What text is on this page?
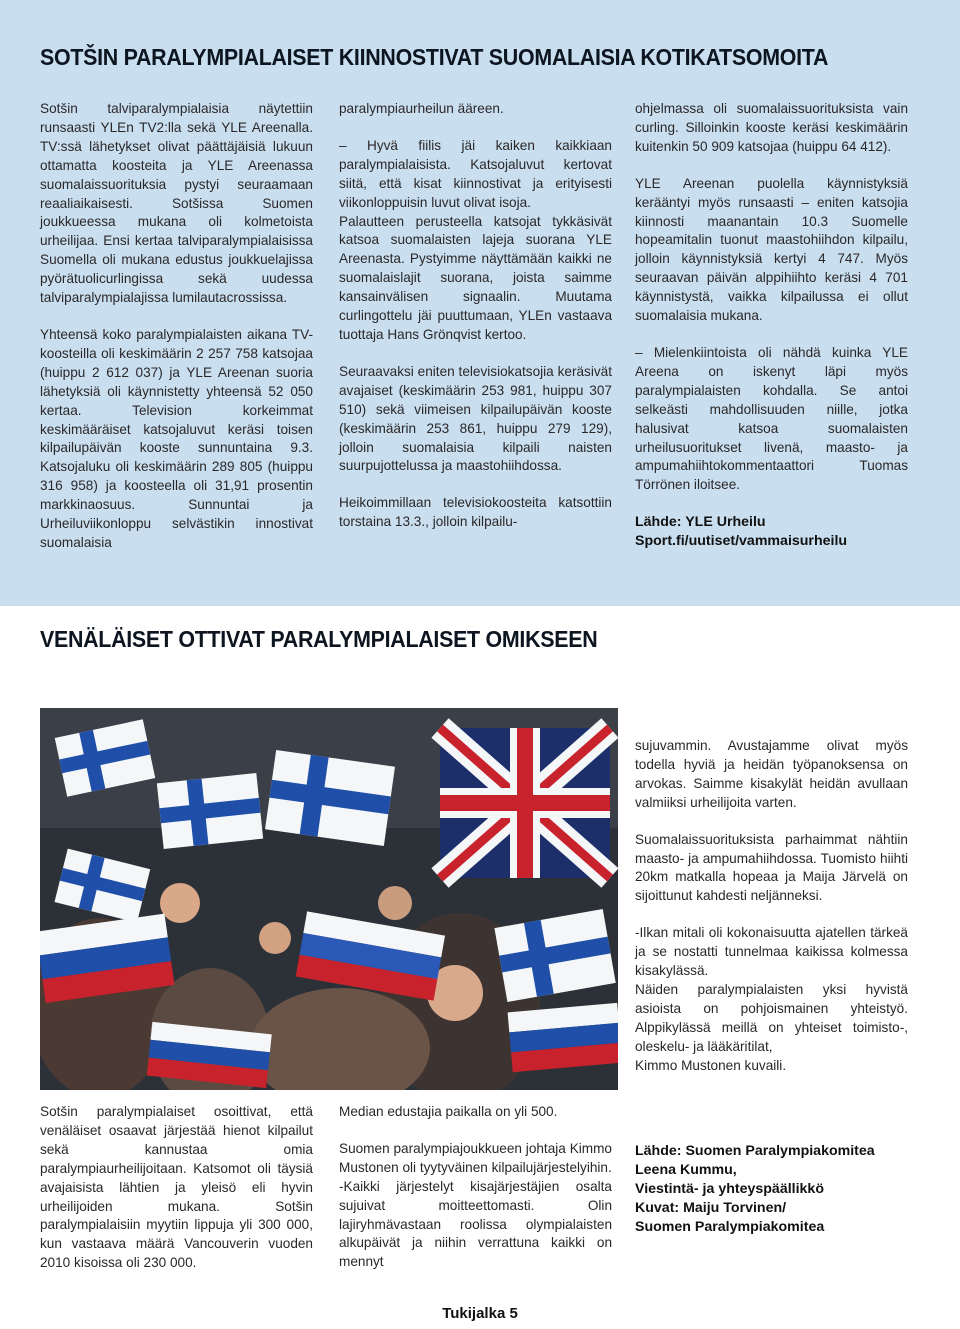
SOTŠIN PARALYMPIALAISET KIINNOSTIVAT SUOMALAISIA KOTIKATSOMOITA

Sotšin talviparalympialaisia näytettiin runsaasti YLEn TV2:lla sekä YLE Areenalla. TV:ssä lähetykset olivat päättäjäisiä lukuun ottamatta koosteita ja YLE Areenassa suomalaissuorituksia pystyi seuraamaan reaaliaikaisesti. Sotšissa Suomen joukkueessa mukana oli kolmetoista urheilijaa. Ensi kertaa talviparalympialaisissa Suomella oli mukana edustus joukkuelajissa pyörätuolicurlingissa sekä uudessa talviparalympialajissa lumilautacrossissa.

Yhteensä koko paralympialaisten aikana TV-koosteilla oli keskimäärin 2 257 758 katsojaa (huippu 2 612 037) ja YLE Areenan suoria lähetyksiä oli käynnistetty yhteensä 52 050 kertaa. Television korkeimmat keskimääräiset katsojaluvut keräsi toisen kilpailupäivän kooste sunnuntaina 9.3. Katsojaluku oli keskimäärin 289 805 (huippu 316 958) ja koosteella oli 31,91 prosentin markkinaosuus. Sunnuntai ja Urheiluviikonloppu selvästikin innostivat suomalaisia

paralympiaurheilun ääreen.

– Hyvä fiilis jäi kaiken kaikkiaan paralympialaisista. Katsojaluvut kertovat siitä, että kisat kiinnostivat ja erityisesti viikonloppuisin luvut olivat isoja.

Palautteen perusteella katsojat tykkäsivät katsoa suomalaisten lajeja suorana YLE Areenasta. Pystyimme näyttämään kaikki ne suomalaislajit suorana, joista saimme kansainvälisen signaalin. Muutama curlingottelu jäi puuttumaan, YLEn vastaava tuottaja Hans Grönqvist kertoo.

Seuraavaksi eniten televisiokatsojia keräsivät avajaiset (keskimäärin 253 981, huippu 307 510) sekä viimeisen kilpailupäivän kooste (keskimäärin 253 861, huippu 279 129), jolloin suomalaisia kilpaili naisten suurpujottelussa ja maastohiihdossa.

Heikoimmillaan televisiokoosteita katsottiin torstaina 13.3., jolloin kilpailu-

ohjelmassa oli suomalaissuorituksista vain curling. Silloinkin kooste keräsi keskimäärin kuitenkin 50 909 katsojaa (huippu 64 412).

YLE Areenan puolella käynnistyksiä kerääntyi myös runsaasti – eniten katsojia kiinnosti maanantain 10.3 Suomelle hopeamitalin tuonut maastohiihdon kilpailu, jolloin käynnistyksiä kertyi 4 747. Myös seuraavan päivän alppihiihto keräsi 4 701 käynnistystä, vaikka kilpailussa ei ollut suomalaisia mukana.

– Mielenkiintoista oli nähdä kuinka YLE Areena on iskenyt läpi myös paralympialaisten kohdalla. Se antoi selkeästi mahdollisuuden niille, jotka halusivat katsoa suomalaisten urheilusuoritukset livenä, maasto- ja ampumahiihtokommentaattori Tuomas Törrönen iloitsee.

Lähde: YLE Urheilu
Sport.fi/uutiset/vammaisurheilu
VENÄLÄISET OTTIVAT PARALYMPIALAISET OMIKSEEN

sujuvammin. Avustajamme olivat myös todella hyviä ja heidän työpanoksensa on arvokas. Saimme kisakylät heidän avullaan valmiiksi urheilijoita varten.

Suomalaissuorituksista parhaimmat nähtiin maasto- ja ampumahiihdossa. Tuomisto hiihti 20km matkalla hopeaa ja Maija Järvelä on sijoittunut kahdesti neljänneksi.

-Ilkan mitali oli kokonaisuutta ajatellen tärkeä ja se nostatti tunnelmaa kaikissa kolmessa kisakylässä.

Näiden paralympialaisten yksi hyvistä asioista on pohjoismainen yhteistyö. Alppikylässä meillä on yhteiset toimisto-, oleskelu- ja lääkäritilat,

Kimmo Mustonen kuvaili.

Sotšin paralympialaiset osoittivat, että venäläiset osaavat järjestää hienot kilpailut sekä kannustaa omia paralympiaurheilijoitaan. Katsomot oli täysiä avajaisista lähtien ja yleisö eli hyvin urheilijoiden mukana. Sotšin paralympialaisiin myytiin lippuja yli 300 000, kun vastaava määrä Vancouverin vuoden 2010 kisoissa oli 230 000.

Median edustajia paikalla on yli 500.

Suomen paralympiajoukkueen johtaja Kimmo Mustonen oli tyytyväinen kilpailujärjestelyihin.

-Kaikki järjestelyt kisajärjestäjien osalta sujuivat moitteettomasti. Olin lajiryhmävastaan roolissa olympialaisten alkupäivät ja niihin verrattuna kaikki on mennyt

Lähde: Suomen Paralympiakomitea
Leena Kummu,
Viestintä- ja yhteyspäällikkö
Kuvat: Maiju Torvinen/
Suomen Paralympiakomitea
Tukijalka 5
